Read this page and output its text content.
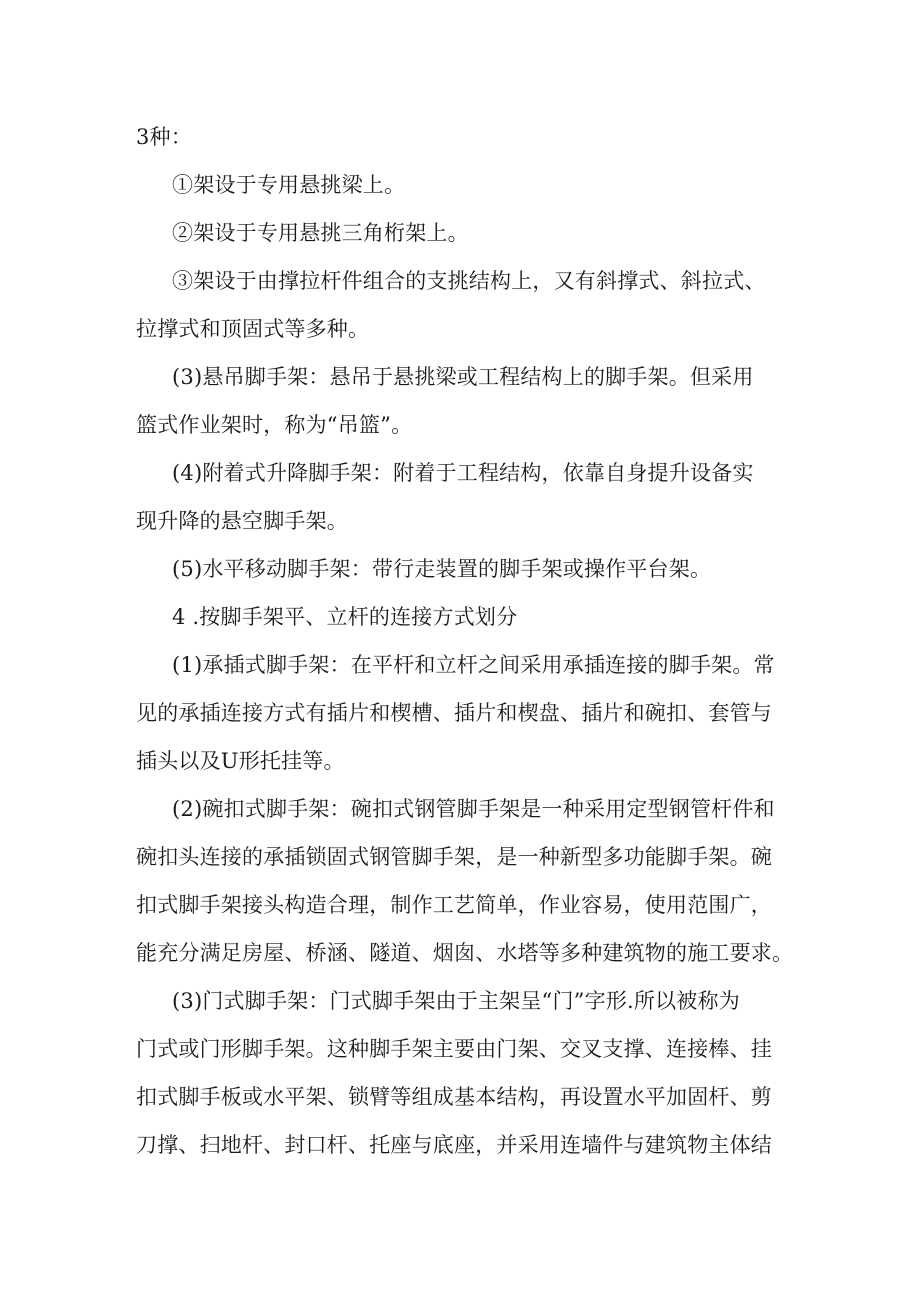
3种：
①架设于专用悬挑梁上。
②架设于专用悬挑三角桁架上。
③架设于由撑拉杆件组合的支挑结构上，又有斜撑式、斜拉式、
拉撑式和顶固式等多种。
(3)悬吊脚手架：悬吊于悬挑梁或工程结构上的脚手架。但采用
篮式作业架时，称为“吊篮”。
(4)附着式升降脚手架：附着于工程结构，依靠自身提升设备实
现升降的悬空脚手架。
(5)水平移动脚手架：带行走装置的脚手架或操作平台架。
4 .按脚手架平、立杆的连接方式划分
(1)承插式脚手架：在平杆和立杆之间采用承插连接的脚手架。常
见的承插连接方式有插片和楔槽、插片和楔盘、插片和碗扣、套管与
插头以及U形托挂等。
(2)碗扣式脚手架：碗扣式钢管脚手架是一种采用定型钢管杆件和
碗扣头连接的承插锁固式钢管脚手架，是一种新型多功能脚手架。碗
扣式脚手架接头构造合理，制作工艺简单，作业容易，使用范围广，
能充分满足房屋、桥涵、隧道、烟囱、水塔等多种建筑物的施工要求。
(3)门式脚手架：门式脚手架由于主架呈“门”字形.所以被称为
门式或门形脚手架。这种脚手架主要由门架、交叉支撑、连接棒、挂
扣式脚手板或水平架、锁臂等组成基本结构，再设置水平加固杆、剪
刀撑、扫地杆、封口杆、托座与底座，并采用连墙件与建筑物主体结
